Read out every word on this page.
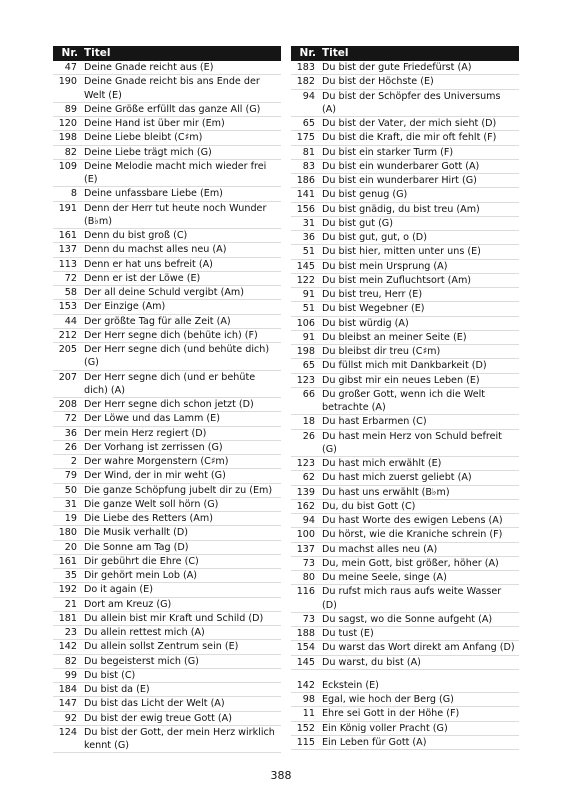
Nr. Titel
47 Deine Gnade reicht aus (E)
190 Deine Gnade reicht bis ans Ende der Welt (E)
89 Deine Größe erfüllt das ganze All (G)
120 Deine Hand ist über mir (Em)
198 Deine Liebe bleibt (C♯m)
82 Deine Liebe trägt mich (G)
109 Deine Melodie macht mich wieder frei (E)
8 Deine unfassbare Liebe (Em)
191 Denn der Herr tut heute noch Wunder (B♭m)
161 Denn du bist groß (C)
137 Denn du machst alles neu (A)
113 Denn er hat uns befreit (A)
72 Denn er ist der Löwe (E)
58 Der all deine Schuld vergibt (Am)
153 Der Einzige (Am)
44 Der größte Tag für alle Zeit (A)
212 Der Herr segne dich (behüte ich) (F)
205 Der Herr segne dich (und behüte dich) (G)
207 Der Herr segne dich (und er behüte dich) (A)
208 Der Herr segne dich schon jetzt (D)
72 Der Löwe und das Lamm (E)
36 Der mein Herz regiert (D)
26 Der Vorhang ist zerrissen (G)
2 Der wahre Morgenstern (C♯m)
79 Der Wind, der in mir weht (G)
50 Die ganze Schöpfung jubelt dir zu (Em)
31 Die ganze Welt soll hörn (G)
19 Die Liebe des Retters (Am)
180 Die Musik verhallt (D)
20 Die Sonne am Tag (D)
161 Dir gebührt die Ehre (C)
35 Dir gehört mein Lob (A)
192 Do it again (E)
21 Dort am Kreuz (G)
181 Du allein bist mir Kraft und Schild (D)
23 Du allein rettest mich (A)
142 Du allein sollst Zentrum sein (E)
82 Du begeisterst mich (G)
99 Du bist (C)
184 Du bist da (E)
147 Du bist das Licht der Welt (A)
92 Du bist der ewig treue Gott (A)
124 Du bist der Gott, der mein Herz wirklich kennt (G)
Nr. Titel
183 Du bist der gute Friedefürst (A)
182 Du bist der Höchste (E)
94 Du bist der Schöpfer des Universums (A)
65 Du bist der Vater, der mich sieht (D)
175 Du bist die Kraft, die mir oft fehlt (F)
81 Du bist ein starker Turm (F)
83 Du bist ein wunderbarer Gott (A)
186 Du bist ein wunderbarer Hirt (G)
141 Du bist genug (G)
156 Du bist gnädig, du bist treu (Am)
31 Du bist gut (G)
36 Du bist gut, gut, o (D)
51 Du bist hier, mitten unter uns (E)
145 Du bist mein Ursprung (A)
122 Du bist mein Zufluchtsort (Am)
91 Du bist treu, Herr (E)
51 Du bist Wegebner (E)
106 Du bist würdig (A)
91 Du bleibst an meiner Seite (E)
198 Du bleibst dir treu (C♯m)
65 Du füllst mich mit Dankbarkeit (D)
123 Du gibst mir ein neues Leben (E)
66 Du großer Gott, wenn ich die Welt betrachte (A)
18 Du hast Erbarmen (C)
26 Du hast mein Herz von Schuld befreit (G)
123 Du hast mich erwählt (E)
62 Du hast mich zuerst geliebt (A)
139 Du hast uns erwählt (B♭m)
162 Du, du bist Gott (C)
94 Du hast Worte des ewigen Lebens (A)
100 Du hörst, wie die Kraniche schrein (F)
137 Du machst alles neu (A)
73 Du, mein Gott, bist größer, höher (A)
80 Du meine Seele, singe (A)
116 Du rufst mich raus aufs weite Wasser (D)
73 Du sagst, wo die Sonne aufgeht (A)
188 Du tust (E)
154 Du warst das Wort direkt am Anfang (D)
145 Du warst, du bist (A)
142 Eckstein (E)
98 Egal, wie hoch der Berg (G)
11 Ehre sei Gott in der Höhe (F)
152 Ein König voller Pracht (G)
115 Ein Leben für Gott (A)
388
